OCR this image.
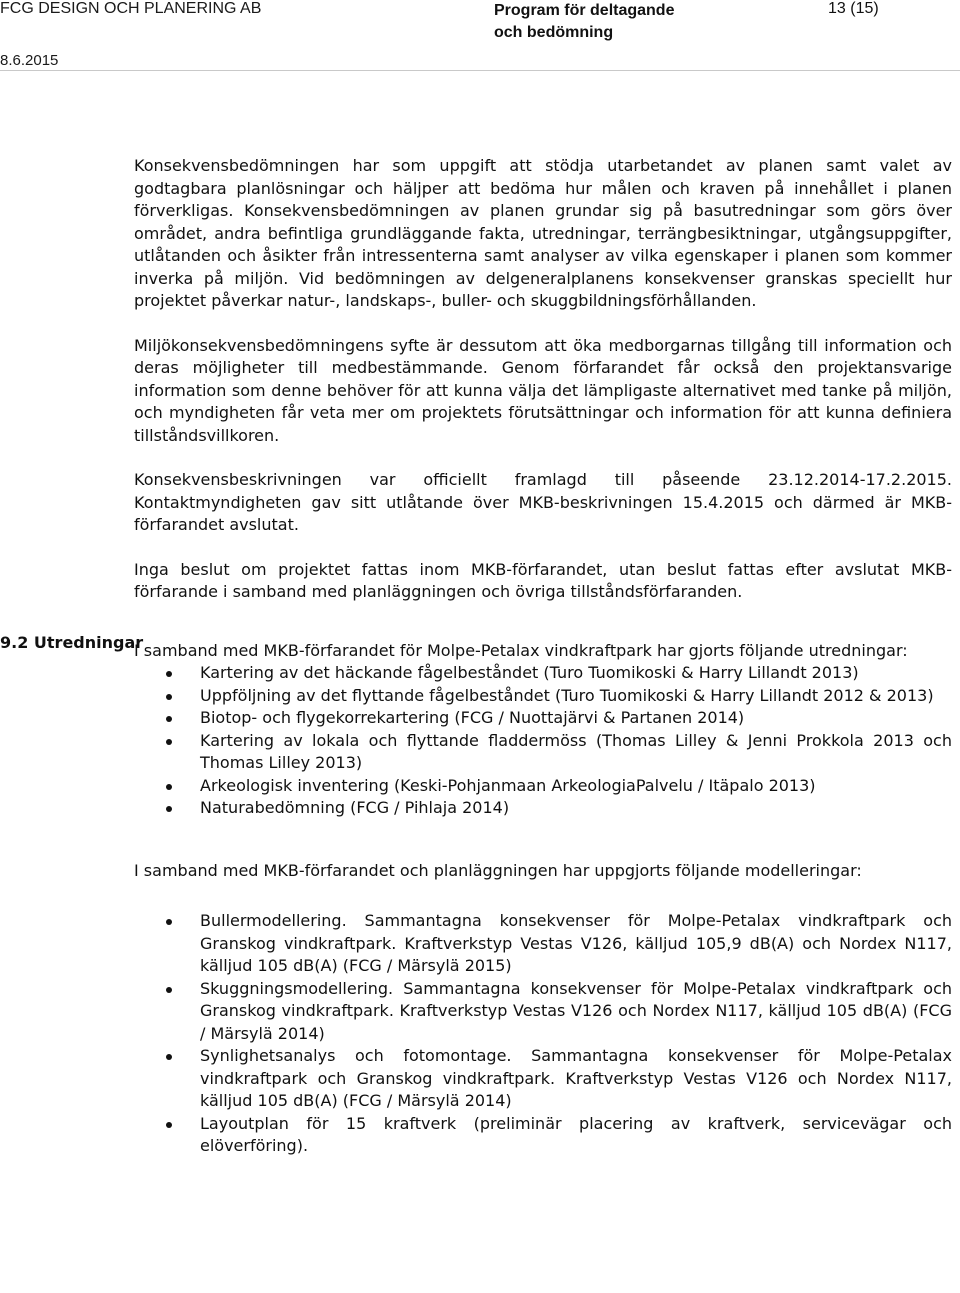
FCG DESIGN OCH PLANERING AB
8.6.2015
Program för deltagande
och bedömning
13 (15)
9.2 Utredningar

Konsekvensbedömningen har som uppgift att stödja utarbetandet av planen samt valet av godtagbara planlösningar och häljper att bedöma hur målen och kraven på innehållet i planen förverkligas. Konsekvensbedömningen av planen grundar sig på basutredningar som görs över området, andra befintliga grundläggande fakta, utredningar, terrängbesiktningar, utgångsuppgifter, utlåtanden och åsikter från intressenterna samt analyser av vilka egenskaper i planen som kommer inverka på miljön. Vid bedömningen av delgeneralplanens konsekvenser granskas speciellt hur projektet påverkar natur-, landskaps-, buller- och skuggbildningsförhållanden.

Miljökonsekvensbedömningens syfte är dessutom att öka medborgarnas tillgång till information och deras möjligheter till medbestämmande. Genom förfarandet får också den projektansvarige information som denne behöver för att kunna välja det lämpligaste alternativet med tanke på miljön, och myndigheten får veta mer om projektets förutsättningar och information för att kunna definiera tillståndsvillkoren.

Konsekvensbeskrivningen var officiellt framlagd till påseende 23.12.2014-17.2.2015. Kontaktmyndigheten gav sitt utlåtande över MKB-beskrivningen 15.4.2015 och därmed är MKB-förfarandet avslutat.

Inga beslut om projektet fattas inom MKB-förfarandet, utan beslut fattas efter avslutat MKB-förfarande i samband med planläggningen och övriga tillståndsförfaranden.

I samband med MKB-förfarandet för Molpe-Petalax vindkraftpark har gjorts följande utredningar:

Kartering av det häckande fågelbeståndet (Turo Tuomikoski & Harry Lillandt 2013)
Uppföljning av det flyttande fågelbeståndet (Turo Tuomikoski & Harry Lillandt 2012 & 2013)
Biotop- och flygekorrekartering (FCG / Nuottajärvi & Partanen 2014)
Kartering av lokala och flyttande fladdermöss (Thomas Lilley & Jenni Prokkola 2013 och Thomas Lilley 2013)
Arkeologisk inventering (Keski-Pohjanmaan ArkeologiaPalvelu / Itäpalo 2013)
Naturabedömning (FCG / Pihlaja 2014)

I samband med MKB-förfarandet och planläggningen har uppgjorts följande modelleringar:

Bullermodellering. Sammantagna konsekvenser för Molpe-Petalax vindkraftpark och Granskog vindkraftpark. Kraftverkstyp Vestas V126, källjud 105,9 dB(A) och Nordex N117, källjud 105 dB(A) (FCG / Märsylä 2015)
Skuggningsmodellering. Sammantagna konsekvenser för Molpe-Petalax vindkraftpark och Granskog vindkraftpark. Kraftverkstyp Vestas V126 och Nordex N117, källjud 105 dB(A) (FCG / Märsylä 2014)
Synlighetsanalys och fotomontage. Sammantagna konsekvenser för Molpe-Petalax vindkraftpark och Granskog vindkraftpark. Kraftverkstyp Vestas V126 och Nordex N117, källjud 105 dB(A) (FCG / Märsylä 2014)
Layoutplan för 15 kraftverk (preliminär placering av kraftverk, servicevägar och elöverföring).
